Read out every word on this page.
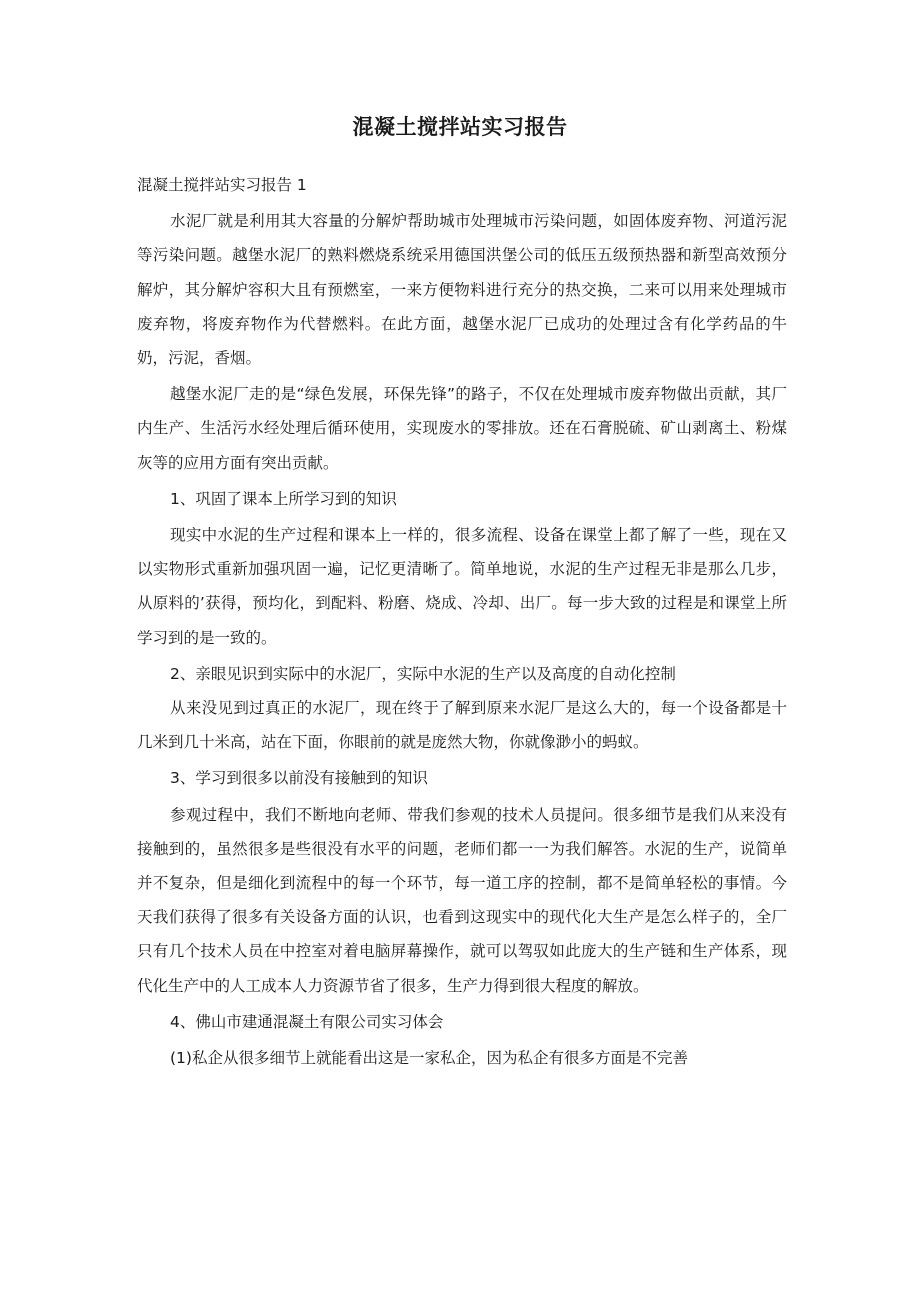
混凝土搅拌站实习报告

混凝土搅拌站实习报告 1

水泥厂就是利用其大容量的分解炉帮助城市处理城市污染问题，如固体废弃物、河道污泥等污染问题。越堡水泥厂的熟料燃烧系统采用德国洪堡公司的低压五级预热器和新型高效预分解炉，其分解炉容积大且有预燃室，一来方便物料进行充分的热交换，二来可以用来处理城市废弃物，将废弃物作为代替燃料。在此方面，越堡水泥厂已成功的处理过含有化学药品的牛奶，污泥，香烟。

越堡水泥厂走的是“绿色发展，环保先锋”的路子，不仅在处理城市废弃物做出贡献，其厂内生产、生活污水经处理后循环使用，实现废水的零排放。还在石膏脱硫、矿山剥离土、粉煤灰等的应用方面有突出贡献。

1、巩固了课本上所学习到的知识

现实中水泥的生产过程和课本上一样的，很多流程、设备在课堂上都了解了一些，现在又以实物形式重新加强巩固一遍，记忆更清晰了。简单地说，水泥的生产过程无非是那么几步，从原料的’获得，预均化，到配料、粉磨、烧成、冷却、出厂。每一步大致的过程是和课堂上所学习到的是一致的。

2、亲眼见识到实际中的水泥厂，实际中水泥的生产以及高度的自动化控制

从来没见到过真正的水泥厂，现在终于了解到原来水泥厂是这么大的，每一个设备都是十几米到几十米高，站在下面，你眼前的就是庞然大物，你就像渺小的蚂蚁。

3、学习到很多以前没有接触到的知识

参观过程中，我们不断地向老师、带我们参观的技术人员提问。很多细节是我们从来没有接触到的，虽然很多是些很没有水平的问题，老师们都一一为我们解答。水泥的生产，说简单并不复杂，但是细化到流程中的每一个环节，每一道工序的控制，都不是简单轻松的事情。今天我们获得了很多有关设备方面的认识，也看到这现实中的现代化大生产是怎么样子的，全厂只有几个技术人员在中控室对着电脑屏幕操作，就可以驾驭如此庞大的生产链和生产体系，现代化生产中的人工成本人力资源节省了很多，生产力得到很大程度的解放。

4、佛山市建通混凝土有限公司实习体会

(1)私企从很多细节上就能看出这是一家私企，因为私企有很多方面是不完善
